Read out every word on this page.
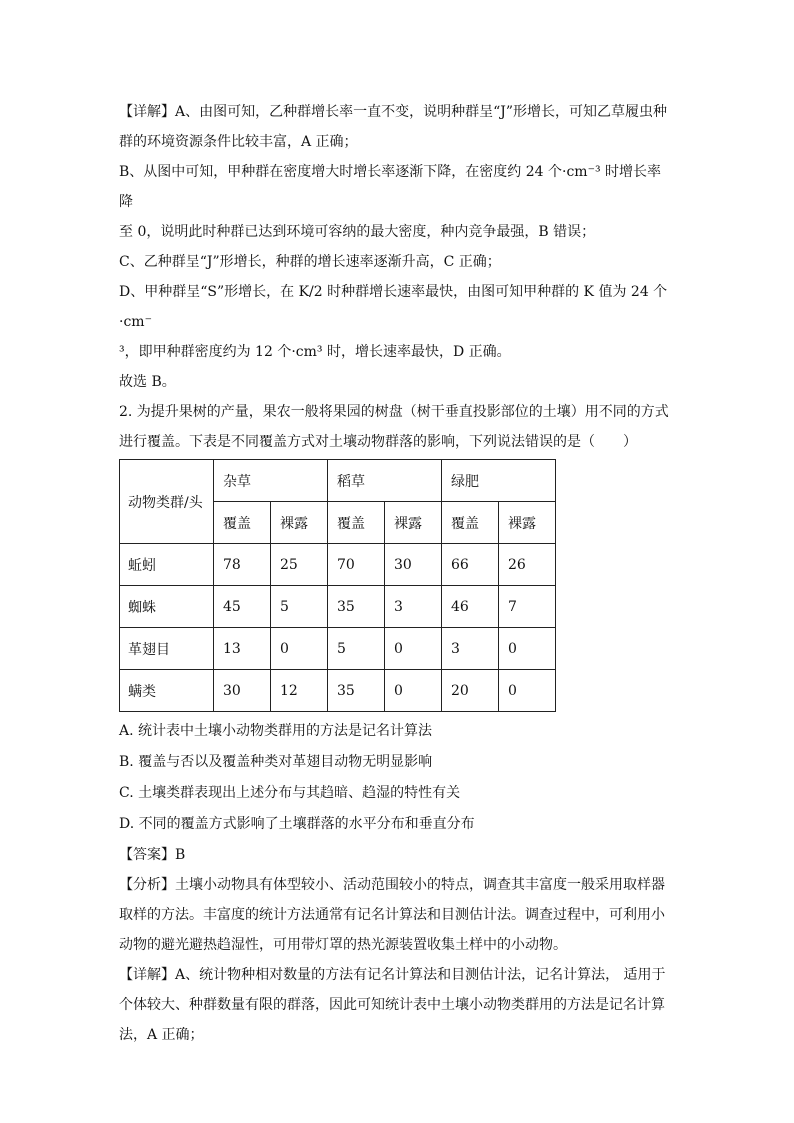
【详解】A、由图可知，乙种群增长率一直不变，说明种群呈“J”形增长，可知乙草履虫种

群的环境资源条件比较丰富，A 正确；

B、从图中可知，甲种群在密度增大时增长率逐渐下降，在密度约 24 个·cm⁻³ 时增长率降

至 0，说明此时种群已达到环境可容纳的最大密度，种内竞争最强，B 错误；

C、乙种群呈“J”形增长，种群的增长速率逐渐升高，C 正确；

D、甲种群呈“S”形增长，在 K/2 时种群增长速率最快，由图可知甲种群的 K 值为 24 个·cm⁻

³，即甲种群密度约为 12 个·cm³ 时，增长速率最快，D 正确。

故选 B。

2. 为提升果树的产量，果农一般将果园的树盘（树干垂直投影部位的土壤）用不同的方式

进行覆盖。下表是不同覆盖方式对土壤动物群落的影响，下列说法错误的是（　　）

动物类群/头	杂草		稻草		绿肥	
	覆盖	裸露	覆盖	裸露	覆盖	裸露
蚯蚓	78	25	70	30	66	26
蜘蛛	45	5	35	3	46	7
革翅目	13	0	5	0	3	0
螨类	30	12	35	0	20	0

A. 统计表中土壤小动物类群用的方法是记名计算法

B. 覆盖与否以及覆盖种类对革翅目动物无明显影响

C. 土壤类群表现出上述分布与其趋暗、趋湿的特性有关

D. 不同的覆盖方式影响了土壤群落的水平分布和垂直分布

【答案】B

【分析】土壤小动物具有体型较小、活动范围较小的特点，调查其丰富度一般采用取样器

取样的方法。丰富度的统计方法通常有记名计算法和目测估计法。调查过程中，可利用小

动物的避光避热趋湿性，可用带灯罩的热光源装置收集土样中的小动物。

【详解】A、统计物种相对数量的方法有记名计算法和目测估计法，记名计算法， 适用于

个体较大、种群数量有限的群落，因此可知统计表中土壤小动物类群用的方法是记名计算

法，A 正确；
